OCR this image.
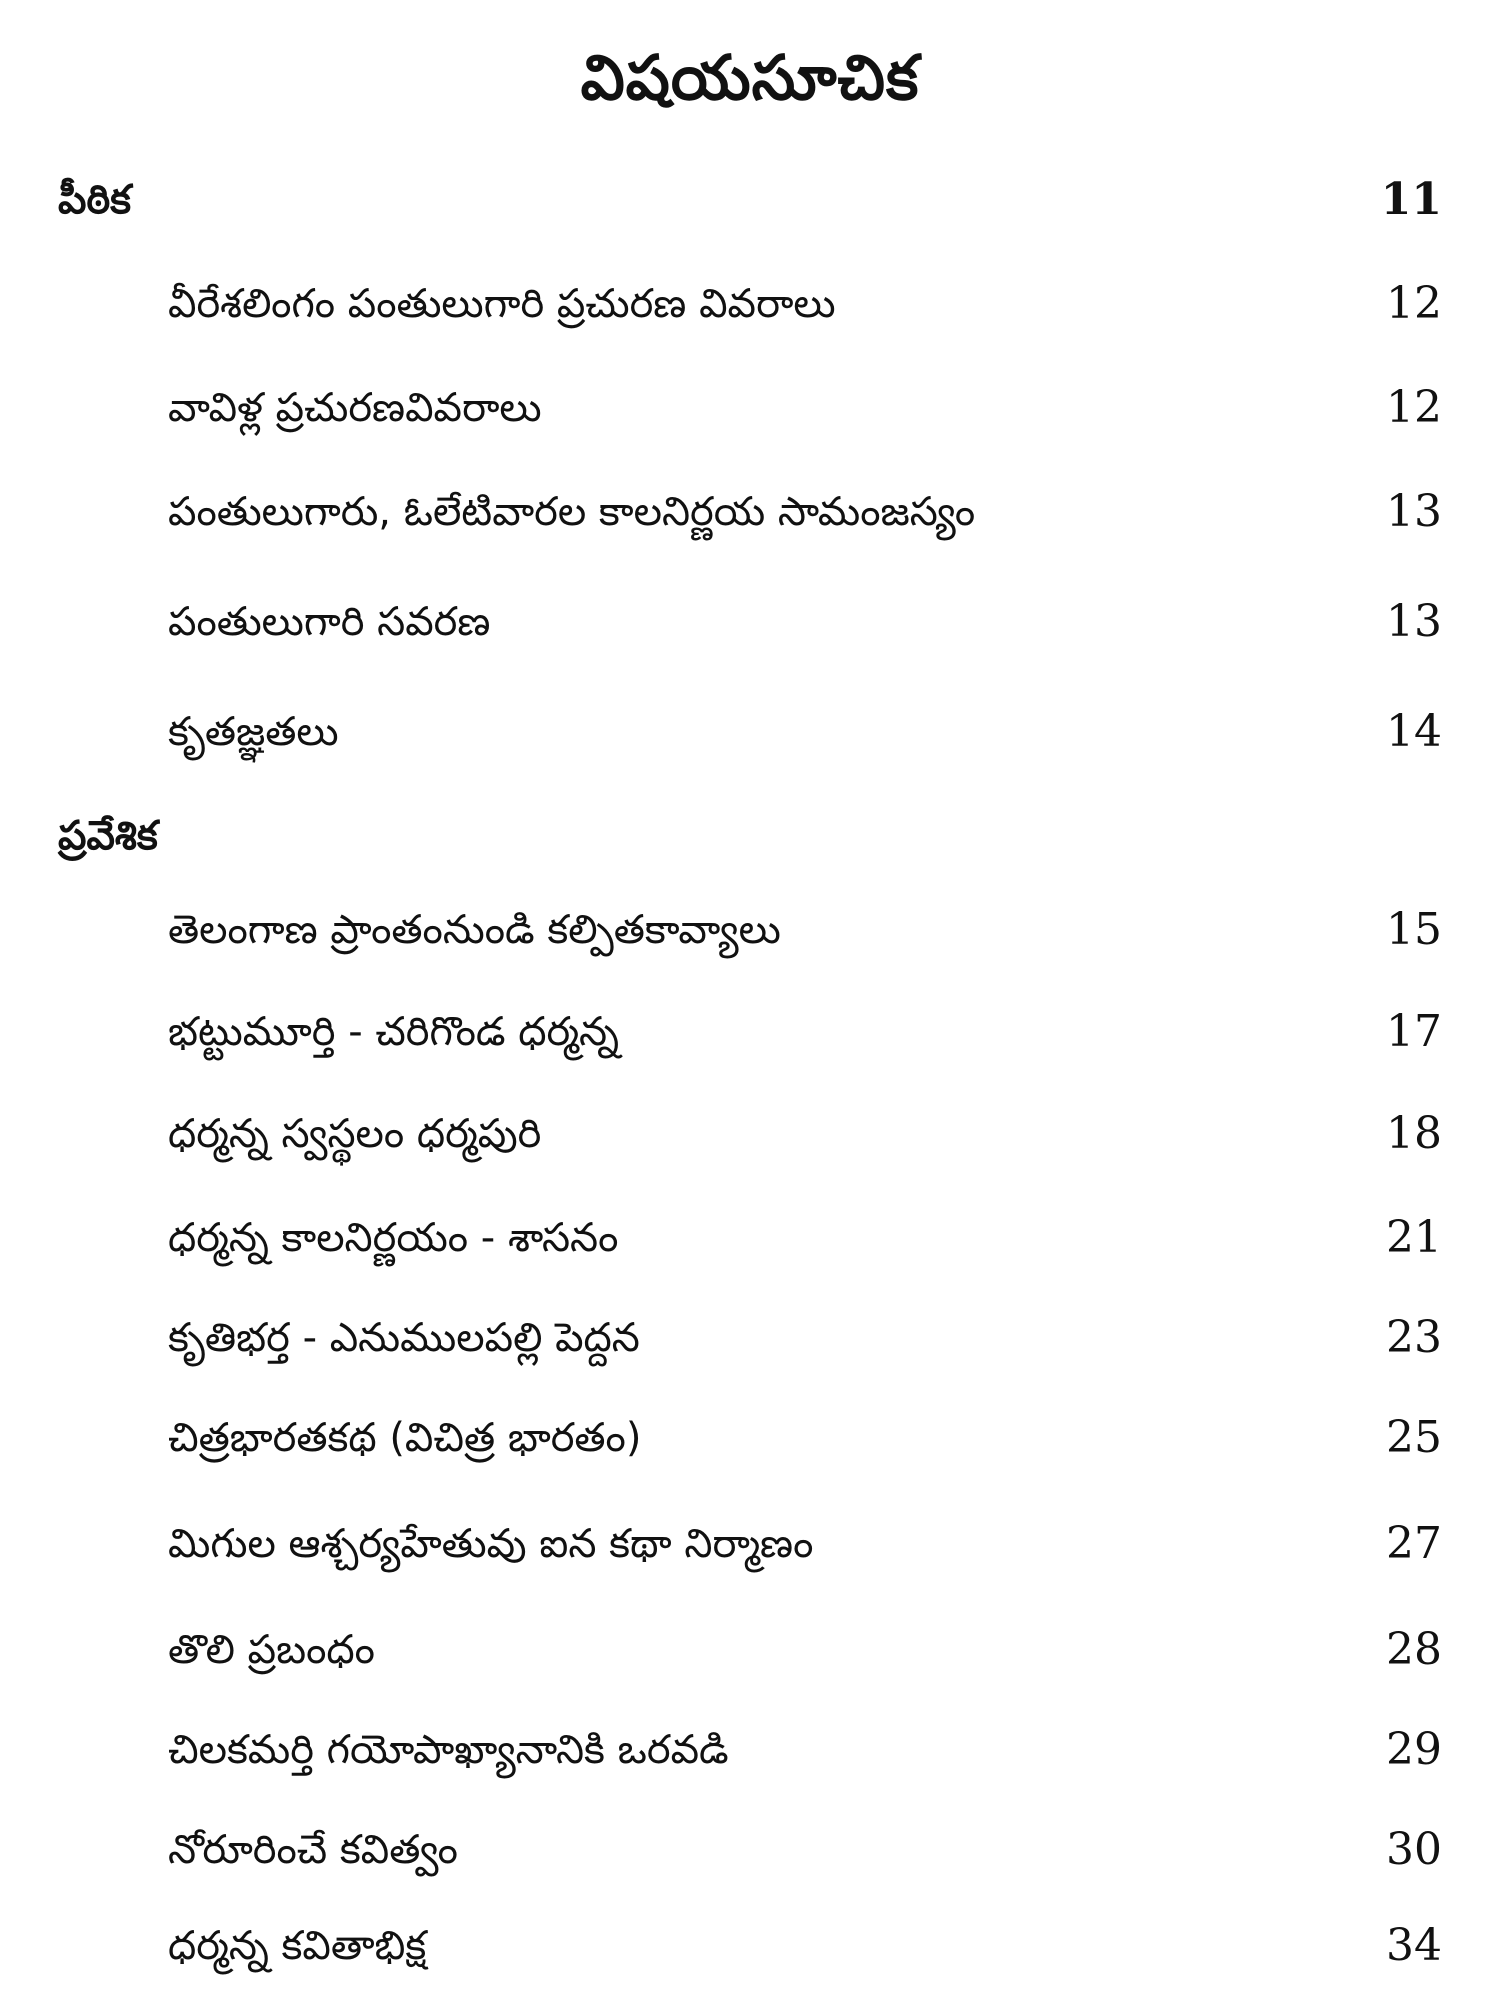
విషయసూచిక
పీఠిక	11
వీరేశలింగం పంతులుగారి ప్రచురణ వివరాలు	12
వావిళ్ల ప్రచురణవివరాలు	12
పంతులుగారు, ఓలేటివారల కాలనిర్ణయ సామంజస్యం	13
పంతులుగారి సవరణ	13
కృతజ్ఞతలు	14
ప్రవేశిక
తెలంగాణ ప్రాంతంనుండి కల్పితకావ్యాలు	15
భట్టుమూర్తి - చరిగొండ ధర్మన్న	17
ధర్మన్న స్వస్థలం ధర్మపురి	18
ధర్మన్న కాలనిర్ణయం - శాసనం	21
కృతిభర్త - ఎనుములపల్లి పెద్దన	23
చిత్రభారతకథ (విచిత్ర భారతం)	25
మిగుల ఆశ్చర్యహేతువు ఐన కథా నిర్మాణం	27
తొలి ప్రబంధం	28
చిలకమర్తి గయోపాఖ్యానానికి ఒరవడి	29
నోరూరించే కవిత్వం	30
ధర్మన్న కవితాభిక్ష	34
